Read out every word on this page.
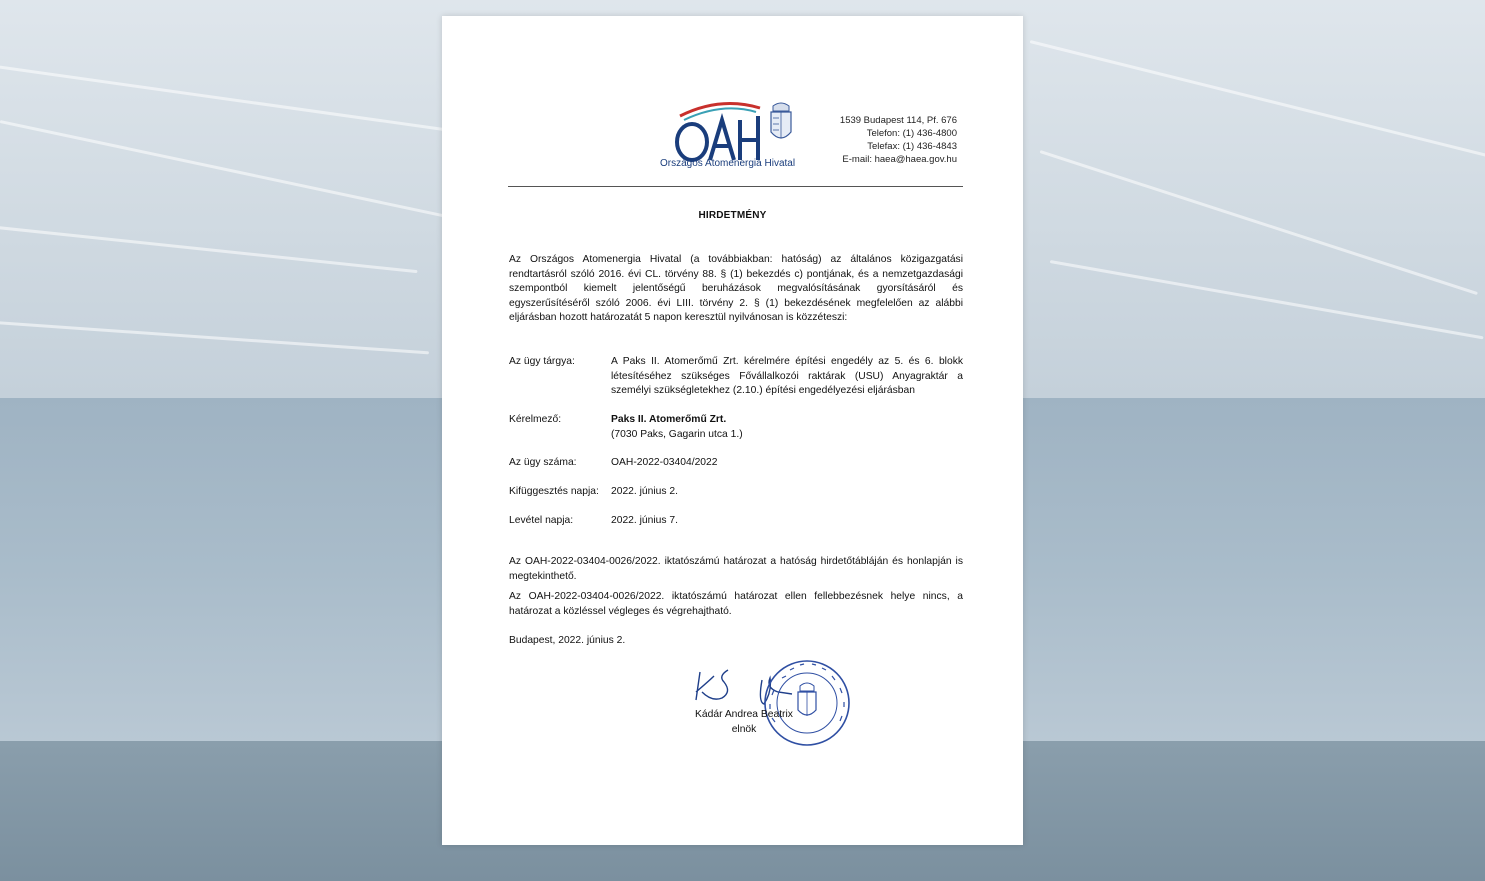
Országos Atomenergia Hivatal
1539 Budapest 114, Pf. 676
Telefon: (1) 436-4800
Telefax: (1) 436-4843
E-mail: haea@haea.gov.hu
HIRDETMÉNY
Az Országos Atomenergia Hivatal (a továbbiakban: hatóság) az általános közigazgatási rendtartásról szóló 2016. évi CL. törvény 88. § (1) bekezdés c) pontjának, és a nemzetgazdasági szempontból kiemelt jelentőségű beruházások megvalósításának gyorsításáról és egyszerűsítéséről szóló 2006. évi LIII. törvény 2. § (1) bekezdésének megfelelően az alábbi eljárásban hozott határozatát 5 napon keresztül nyilvánosan is közzéteszi:
Az ügy tárgya:	A Paks II. Atomerőmű Zrt. kérelmére építési engedély az 5. és 6. blokk létesítéséhez szükséges Fővállalkozói raktárak (USU) Anyagraktár a személyi szükségletekhez (2.10.) építési engedélyezési eljárásban
Kérelmező:	Paks II. Atomerőmű Zrt.
(7030 Paks, Gagarin utca 1.)
Az ügy száma:	OAH-2022-03404/2022
Kifüggesztés napja:	2022. június 2.
Levétel napja:	2022. június 7.
Az OAH-2022-03404-0026/2022. iktatószámú határozat a hatóság hirdetőtábláján és honlapján is megtekinthető.
Az OAH-2022-03404-0026/2022. iktatószámú határozat ellen fellebbezésnek helye nincs, a határozat a közléssel végleges és végrehajtható.
Budapest, 2022. június 2.
Kádár Andrea Beatrix
elnök
